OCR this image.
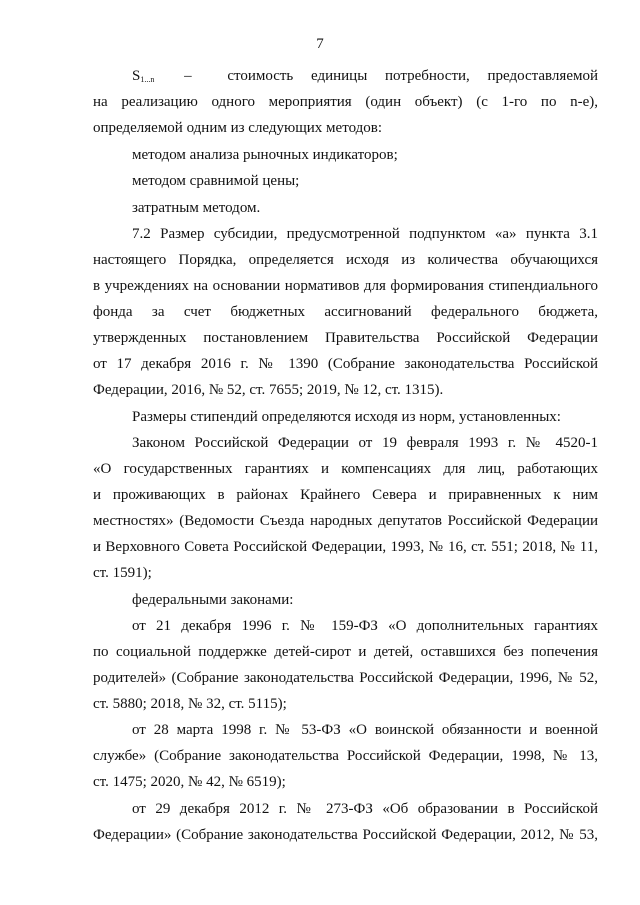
7
$S_{1...n}$ – стоимость единицы потребности, предоставляемой
на реализацию одного мероприятия (один объект) (с 1-го по n-е),
определяемой одним из следующих методов:
методом анализа рыночных индикаторов;
методом сравнимой цены;
затратным методом.
7.2 Размер субсидии, предусмотренной подпунктом «а» пункта 3.1
настоящего Порядка, определяется исходя из количества обучающихся
в учреждениях на основании нормативов для формирования стипендиального
фонда за счет бюджетных ассигнований федерального бюджета,
утвержденных постановлением Правительства Российской Федерации
от 17 декабря 2016 г. № 1390 (Собрание законодательства Российской
Федерации, 2016, № 52, ст. 7655; 2019, № 12, ст. 1315).
Размеры стипендий определяются исходя из норм, установленных:
Законом Российской Федерации от 19 февраля 1993 г. № 4520-1
«О государственных гарантиях и компенсациях для лиц, работающих
и проживающих в районах Крайнего Севера и приравненных к ним
местностях» (Ведомости Съезда народных депутатов Российской Федерации
и Верховного Совета Российской Федерации, 1993, № 16, ст. 551; 2018, № 11,
ст. 1591);
федеральными законами:
от 21 декабря 1996 г. № 159-ФЗ «О дополнительных гарантиях
по социальной поддержке детей-сирот и детей, оставшихся без попечения
родителей» (Собрание законодательства Российской Федерации, 1996, № 52,
ст. 5880; 2018, № 32, ст. 5115);
от 28 марта 1998 г. № 53-ФЗ «О воинской обязанности и военной
службе» (Собрание законодательства Российской Федерации, 1998, № 13,
ст. 1475; 2020, № 42, № 6519);
от 29 декабря 2012 г. № 273-ФЗ «Об образовании в Российской
Федерации» (Собрание законодательства Российской Федерации, 2012, № 53,
